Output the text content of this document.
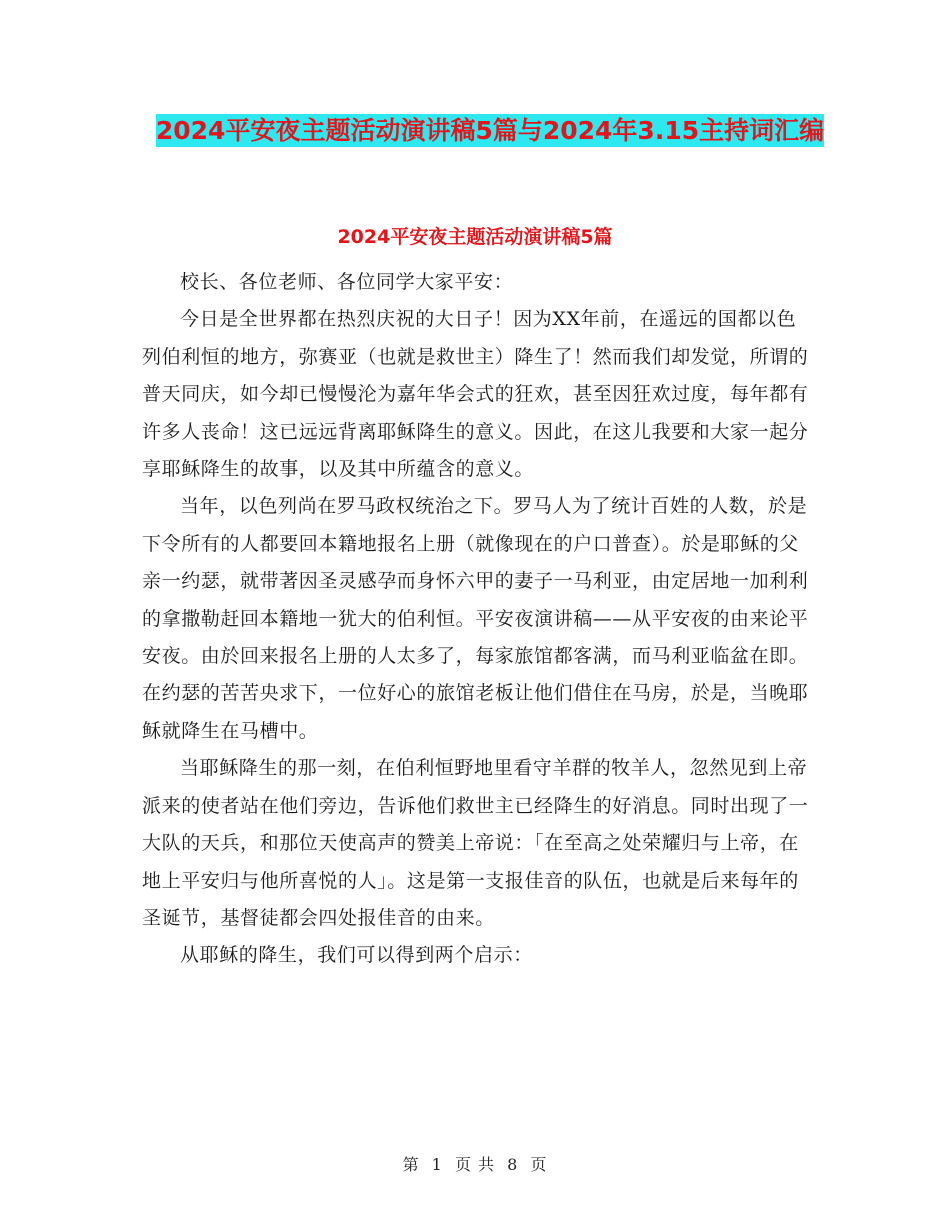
2024平安夜主题活动演讲稿5篇与2024年3.15主持词汇编
2024平安夜主题活动演讲稿5篇

校长、各位老师、各位同学大家平安：

今日是全世界都在热烈庆祝的大日子！因为XX年前，在遥远的国都以色列伯利恒的地方，弥赛亚（也就是救世主）降生了！然而我们却发觉，所谓的普天同庆，如今却已慢慢沦为嘉年华会式的狂欢，甚至因狂欢过度，每年都有许多人丧命！这已远远背离耶稣降生的意义。因此，在这儿我要和大家一起分享耶稣降生的故事，以及其中所蕴含的意义。

当年，以色列尚在罗马政权统治之下。罗马人为了统计百姓的人数，於是下令所有的人都要回本籍地报名上册（就像现在的户口普查）。於是耶稣的父亲一约瑟，就带著因圣灵感孕而身怀六甲的妻子一马利亚，由定居地一加利利的拿撒勒赶回本籍地一犹大的伯利恒。平安夜演讲稿——从平安夜的由来论平安夜。由於回来报名上册的人太多了，每家旅馆都客满，而马利亚临盆在即。在约瑟的苦苦央求下，一位好心的旅馆老板让他们借住在马房，於是，当晚耶稣就降生在马槽中。

当耶稣降生的那一刻，在伯利恒野地里看守羊群的牧羊人，忽然见到上帝派来的使者站在他们旁边，告诉他们救世主已经降生的好消息。同时出现了一大队的天兵，和那位天使高声的赞美上帝说：「在至高之处荣耀归与上帝，在地上平安归与他所喜悦的人」。这是第一支报佳音的队伍，也就是后来每年的圣诞节，基督徒都会四处报佳音的由来。

从耶稣的降生，我们可以得到两个启示：

第 1 页 共 8 页
